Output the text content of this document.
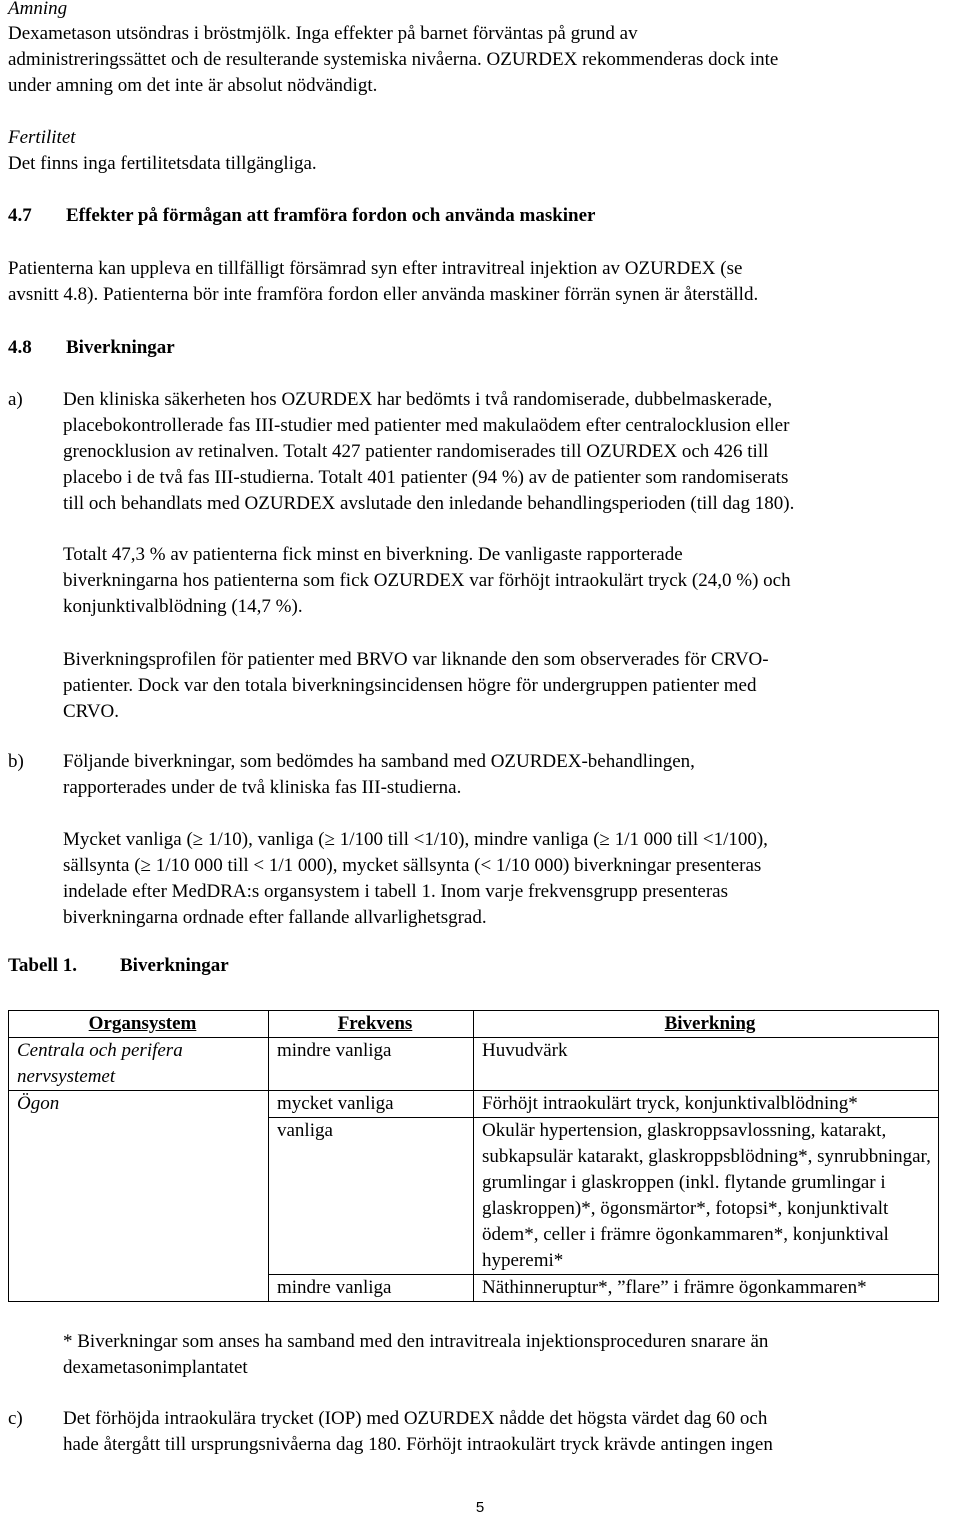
Amning
Dexametason utsöndras i bröstmjölk. Inga effekter på barnet förväntas på grund av
administreringssättet och de resulterande systemiska nivåerna. OZURDEX rekommenderas dock inte
under amning om det inte är absolut nödvändigt.
Fertilitet
Det finns inga fertilitetsdata tillgängliga.
4.7 Effekter på förmågan att framföra fordon och använda maskiner
Patienterna kan uppleva en tillfälligt försämrad syn efter intravitreal injektion av OZURDEX (se
avsnitt 4.8). Patienterna bör inte framföra fordon eller använda maskiner förrän synen är återställd.
4.8 Biverkningar
a) Den kliniska säkerheten hos OZURDEX har bedömts i två randomiserade, dubbelmaskerade,
placebokontrollerade fas III-studier med patienter med makulaödem efter centralocklusion eller
grenocklusion av retinalven. Totalt 427 patienter randomiserades till OZURDEX och 426 till
placebo i de två fas III-studierna. Totalt 401 patienter (94 %) av de patienter som randomiserats
till och behandlats med OZURDEX avslutade den inledande behandlingsperioden (till dag 180).
Totalt 47,3 % av patienterna fick minst en biverkning. De vanligaste rapporterade
biverkningarna hos patienterna som fick OZURDEX var förhöjt intraokulärt tryck (24,0 %) och
konjunktivalblödning (14,7 %).
Biverkningsprofilen för patienter med BRVO var liknande den som observerades för CRVO-
patienter. Dock var den totala biverkningsincidensen högre för undergruppen patienter med
CRVO.
b) Följande biverkningar, som bedömdes ha samband med OZURDEX-behandlingen,
rapporterades under de två kliniska fas III-studierna.
Mycket vanliga (≥ 1/10), vanliga (≥ 1/100 till <1/10), mindre vanliga (≥ 1/1 000 till <1/100),
sällsynta (≥ 1/10 000 till < 1/1 000), mycket sällsynta (< 1/10 000) biverkningar presenteras
indelade efter MedDRA:s organsystem i tabell 1. Inom varje frekvensgrupp presenteras
biverkningarna ordnade efter fallande allvarlighetsgrad.
Tabell 1. Biverkningar
Organsystem	Frekvens	Biverkning
Centrala och perifera nervsystemet	mindre vanliga	Huvudvärk
Ögon	mycket vanliga	Förhöjt intraokulärt tryck, konjunktivalblödning*
	vanliga	Okulär hypertension, glaskroppsavlossning, katarakt, subkapsulär katarakt, glaskroppsblödning*, synrubbningar, grumlingar i glaskroppen (inkl. flytande grumlingar i glaskroppen)*, ögonsmärtor*, fotopsi*, konjunktivalt ödem*, celler i främre ögonkammaren*, konjunktival hyperemi*
	mindre vanliga	Näthinneruptur*, ”flare” i främre ögonkammaren*
* Biverkningar som anses ha samband med den intravitreala injektionsproceduren snarare än dexametasonimplantatet
c) Det förhöjda intraokulära trycket (IOP) med OZURDEX nådde det högsta värdet dag 60 och
hade återgått till ursprungsnivåerna dag 180. Förhöjt intraokulärt tryck krävde antingen ingen
5
